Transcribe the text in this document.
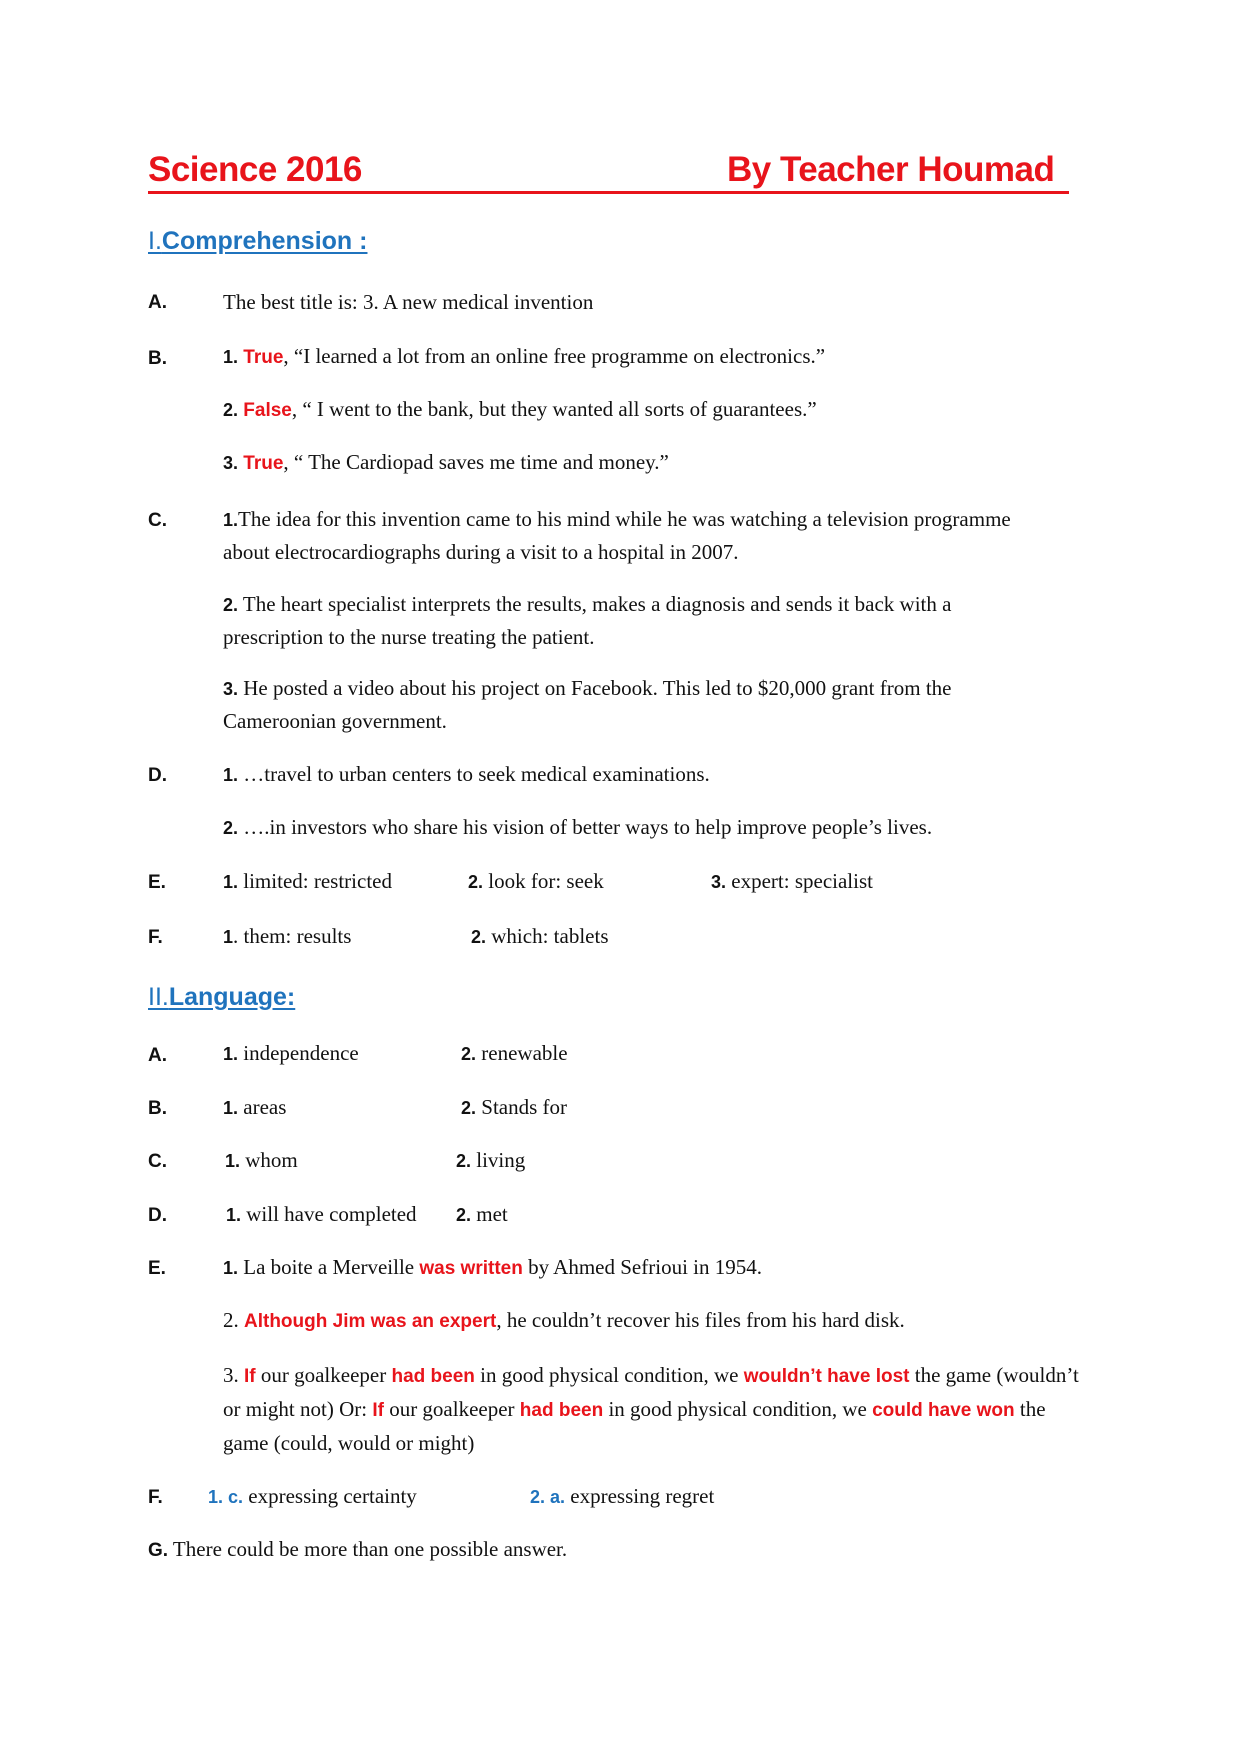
Science 2016	By Teacher Houmad
I.Comprehension :
A.	The best title is: 3. A new medical invention
B.	1. True, “I learned a lot from an online free programme on electronics.”
2. False, “ I went to the bank, but they wanted all sorts of guarantees.”
3. True, “ The Cardiopad saves me time and money.”
C.	1.The idea for this invention came to his mind while he was watching a television programme about electrocardiographs during a visit to a hospital in 2007.
2. The heart specialist interprets the results, makes a diagnosis and sends it back with a prescription to the nurse treating the patient.
3. He posted a video about his project on Facebook. This led to $20,000 grant from the Cameroonian government.
D.	1. …travel to urban centers to seek medical examinations.
2. ….in investors who share his vision of better ways to help improve people’s lives.
E.	1. limited: restricted	2. look for: seek	3. expert: specialist
F.	1. them: results	2. which: tablets
II.Language:
A.	1. independence	2. renewable
B.	1. areas	2. Stands for
C.	1. whom	2. living
D.	1. will have completed 2. met
E.	1. La boite a Merveille was written by Ahmed Sefrioui in 1954.
2. Although Jim was an expert, he couldn’t recover his files from his hard disk.
3. If our goalkeeper had been in good physical condition, we wouldn’t have lost the game (wouldn’t or might not) Or: If our goalkeeper had been in good physical condition, we could have won the game (could, would or might)
F.	1. c. expressing certainty	2. a. expressing regret
G. There could be more than one possible answer.
